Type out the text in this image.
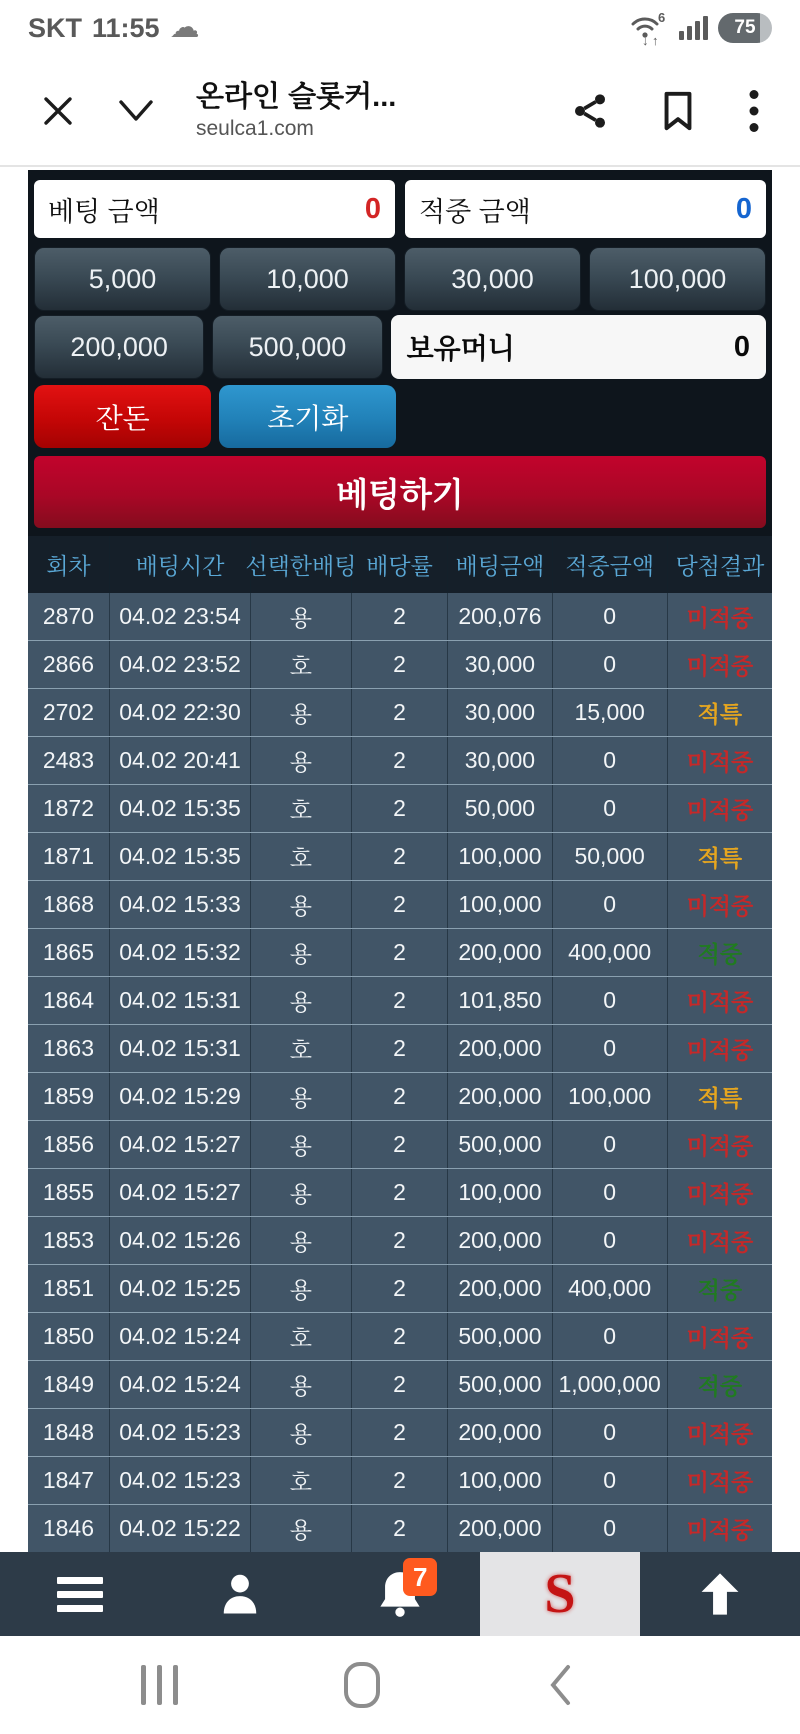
SKT 11:55 ☁	6
↓ ↑
75
온라인 슬롯커...
seulca1.com
베팅 금액	0 적중 금액	0
5,000	10,000	30,000	100,000
200,000	500,000	보유머니	0
잔돈	초기화
베팅하기
회차	배팅시간 선택한배팅 배당률 배팅금액 적중금액 당첨결과
2870	04.02 23:54	용	2	200,076	0	미적중
2866	04.02 23:52	호	2	30,000	0	미적중
2702	04.02 22:30	용	2	30,000	15,000	적특
2483	04.02 20:41	용	2	30,000	0	미적중
1872	04.02 15:35	호	2	50,000	0	미적중
1871	04.02 15:35	호	2	100,000	50,000	적특
1868	04.02 15:33	용	2	100,000	0	미적중
1865	04.02 15:32	용	2	200,000	400,000	적중
1864	04.02 15:31	용	2	101,850	0	미적중
1863	04.02 15:31	호	2	200,000	0	미적중
1859	04.02 15:29	용	2	200,000	100,000	적특
1856	04.02 15:27	용	2	500,000	0	미적중
1855	04.02 15:27	용	2	100,000	0	미적중
1853	04.02 15:26	용	2	200,000	0	미적중
1851	04.02 15:25	용	2	200,000	400,000	적중
1850	04.02 15:24	호	2	500,000	0	미적중
1849	04.02 15:24	용	2	500,000 1,000,000	적중
1848	04.02 15:23	용	2	200,000	0	미적중
1847	04.02 15:23	호	2	100,000	0	미적중
1846	04.02 15:22	용	2	200,000	0	미적중
7 S
